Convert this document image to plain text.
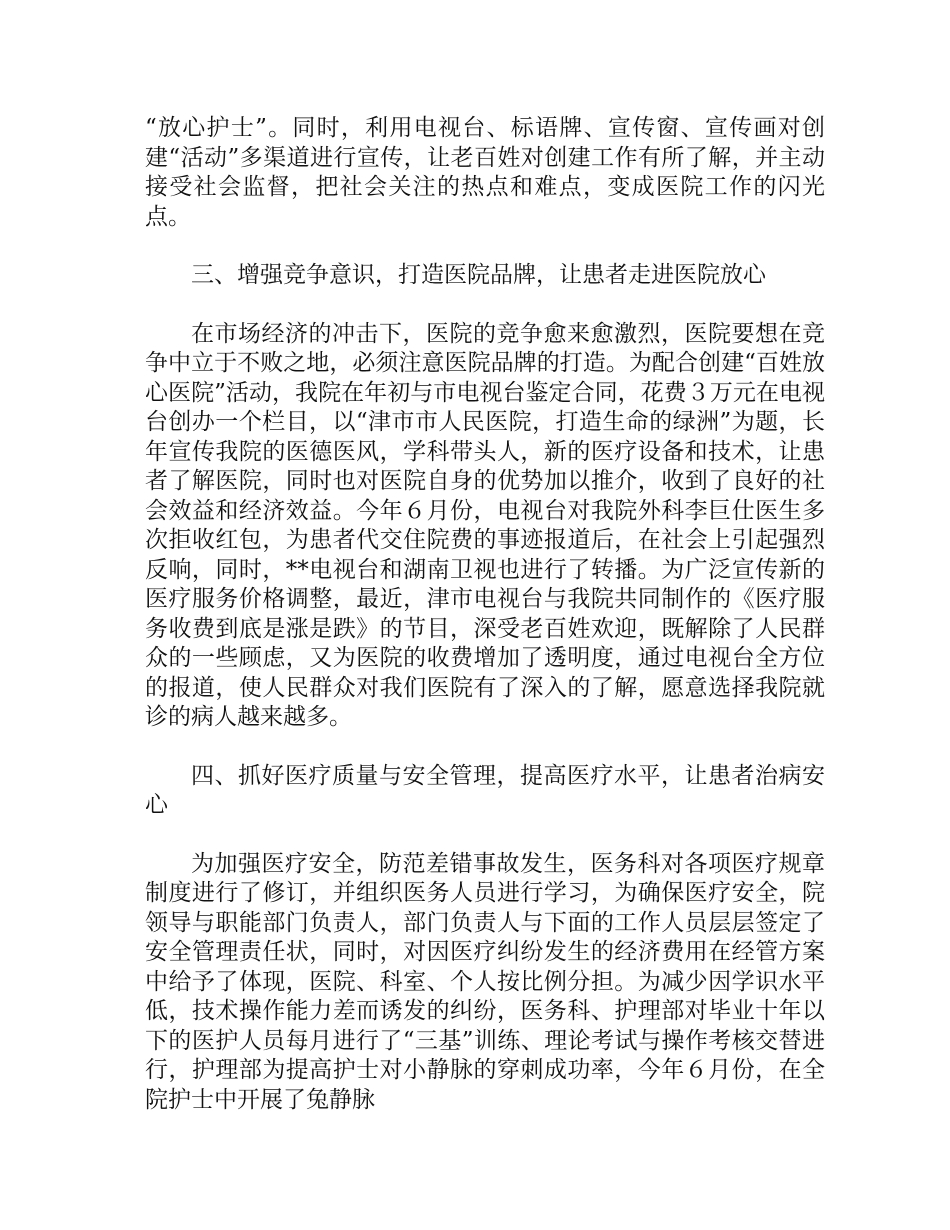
“放心护士”。同时，利用电视台、标语牌、宣传窗、宣传画对创建“活动”多渠道进行宣传，让老百姓对创建工作有所了解，并主动接受社会监督，把社会关注的热点和难点，变成医院工作的闪光点。

三、增强竞争意识，打造医院品牌，让患者走进医院放心

在市场经济的冲击下，医院的竞争愈来愈激烈，医院要想在竞争中立于不败之地，必须注意医院品牌的打造。为配合创建“百姓放心医院”活动，我院在年初与市电视台鉴定合同，花费３万元在电视台创办一个栏目，以“津市市人民医院，打造生命的绿洲”为题，长年宣传我院的医德医风，学科带头人，新的医疗设备和技术，让患者了解医院，同时也对医院自身的优势加以推介，收到了良好的社会效益和经济效益。今年６月份，电视台对我院外科李巨仕医生多次拒收红包，为患者代交住院费的事迹报道后，在社会上引起强烈反响，同时，**电视台和湖南卫视也进行了转播。为广泛宣传新的医疗服务价格调整，最近，津市电视台与我院共同制作的《医疗服务收费到底是涨是跌》的节目，深受老百姓欢迎，既解除了人民群众的一些顾虑，又为医院的收费增加了透明度，通过电视台全方位的报道，使人民群众对我们医院有了深入的了解，愿意选择我院就诊的病人越来越多。

四、抓好医疗质量与安全管理，提高医疗水平，让患者治病安心

为加强医疗安全，防范差错事故发生，医务科对各项医疗规章制度进行了修订，并组织医务人员进行学习，为确保医疗安全，院领导与职能部门负责人，部门负责人与下面的工作人员层层签定了安全管理责任状，同时，对因医疗纠纷发生的经济费用在经管方案中给予了体现，医院、科室、个人按比例分担。为减少因学识水平低，技术操作能力差而诱发的纠纷，医务科、护理部对毕业十年以下的医护人员每月进行了“三基”训练、理论考试与操作考核交替进行，护理部为提高护士对小静脉的穿刺成功率，今年６月份，在全院护士中开展了兔静脉
